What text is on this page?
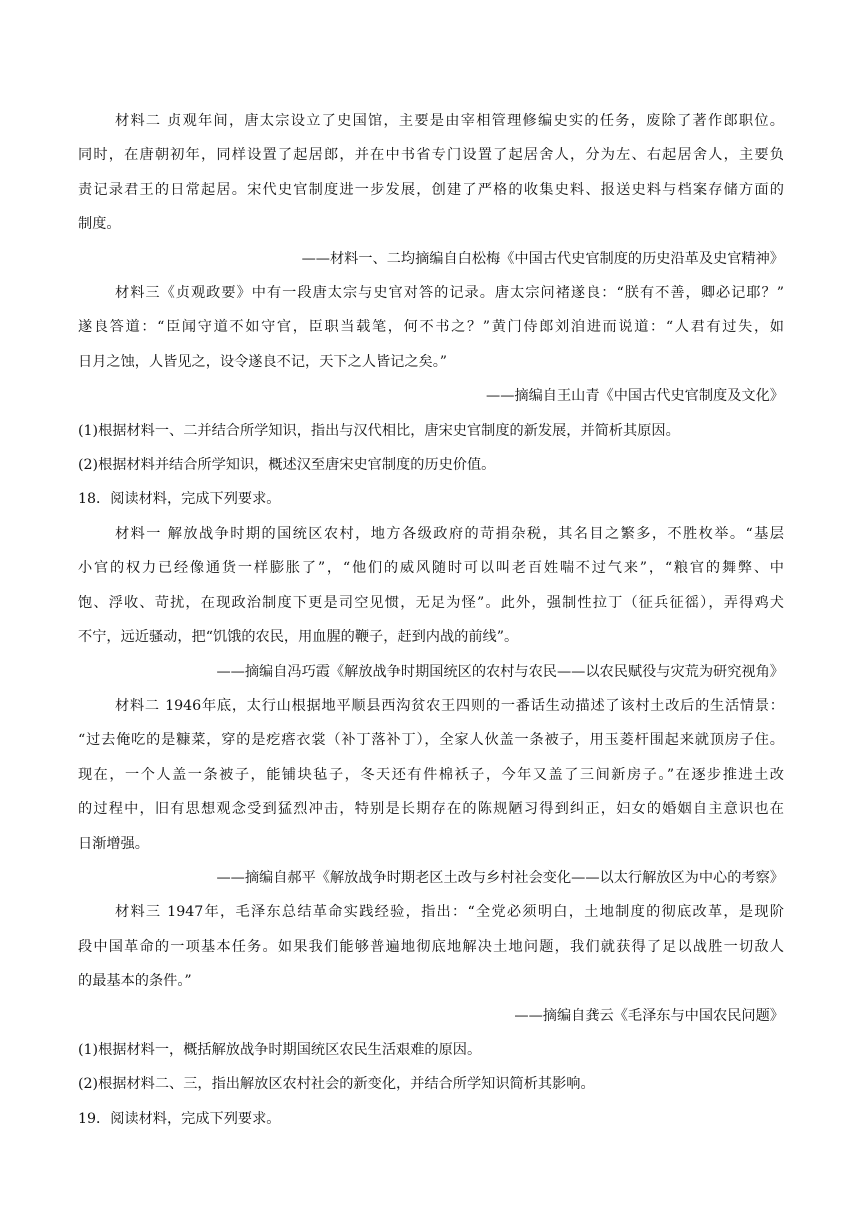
材料二 贞观年间，唐太宗设立了史国馆，主要是由宰相管理修编史实的任务，废除了著作郎职位。
同时，在唐朝初年，同样设置了起居郎，并在中书省专门设置了起居舍人，分为左、右起居舍人，主要负
责记录君王的日常起居。宋代史官制度进一步发展，创建了严格的收集史料、报送史料与档案存储方面的
制度。
——材料一、二均摘编自白松梅《中国古代史官制度的历史沿革及史官精神》
材料三《贞观政要》中有一段唐太宗与史官对答的记录。唐太宗问褚遂良：“朕有不善，卿必记耶？”
遂良答道：“臣闻守道不如守官，臣职当载笔，何不书之？”黄门侍郎刘洎进而说道：“人君有过失，如
日月之蚀，人皆见之，设令遂良不记，天下之人皆记之矣。”
——摘编自王山青《中国古代史官制度及文化》
(1)根据材料一、二并结合所学知识，指出与汉代相比，唐宋史官制度的新发展，并简析其原因。
(2)根据材料并结合所学知识，概述汉至唐宋史官制度的历史价值。
18．阅读材料，完成下列要求。
材料一 解放战争时期的国统区农村，地方各级政府的苛捐杂税，其名目之繁多，不胜枚举。“基层
小官的权力已经像通货一样膨胀了”，“他们的威风随时可以叫老百姓喘不过气来”，“粮官的舞弊、中
饱、浮收、苛扰，在现政治制度下更是司空见惯，无足为怪”。此外，强制性拉丁（征兵征徭），弄得鸡犬
不宁，远近骚动，把“饥饿的农民，用血腥的鞭子，赶到内战的前线”。
——摘编自冯巧霞《解放战争时期国统区的农村与农民——以农民赋役与灾荒为研究视角》
材料二 1946年底，太行山根据地平顺县西沟贫农王四则的一番话生动描述了该村土改后的生活情景：
“过去俺吃的是糠菜，穿的是疙瘩衣裳（补丁落补丁），全家人伙盖一条被子，用玉菱杆围起来就顶房子住。
现在，一个人盖一条被子，能铺块毡子，冬天还有件棉袄子，今年又盖了三间新房子。”在逐步推进土改
的过程中，旧有思想观念受到猛烈冲击，特别是长期存在的陈规陋习得到纠正，妇女的婚姻自主意识也在
日渐增强。
——摘编自郝平《解放战争时期老区土改与乡村社会变化——以太行解放区为中心的考察》
材料三 1947年，毛泽东总结革命实践经验，指出：“全党必须明白，土地制度的彻底改革，是现阶
段中国革命的一项基本任务。如果我们能够普遍地彻底地解决土地问题，我们就获得了足以战胜一切敌人
的最基本的条件。”
——摘编自龚云《毛泽东与中国农民问题》
(1)根据材料一，概括解放战争时期国统区农民生活艰难的原因。
(2)根据材料二、三，指出解放区农村社会的新变化，并结合所学知识简析其影响。
19．阅读材料，完成下列要求。
